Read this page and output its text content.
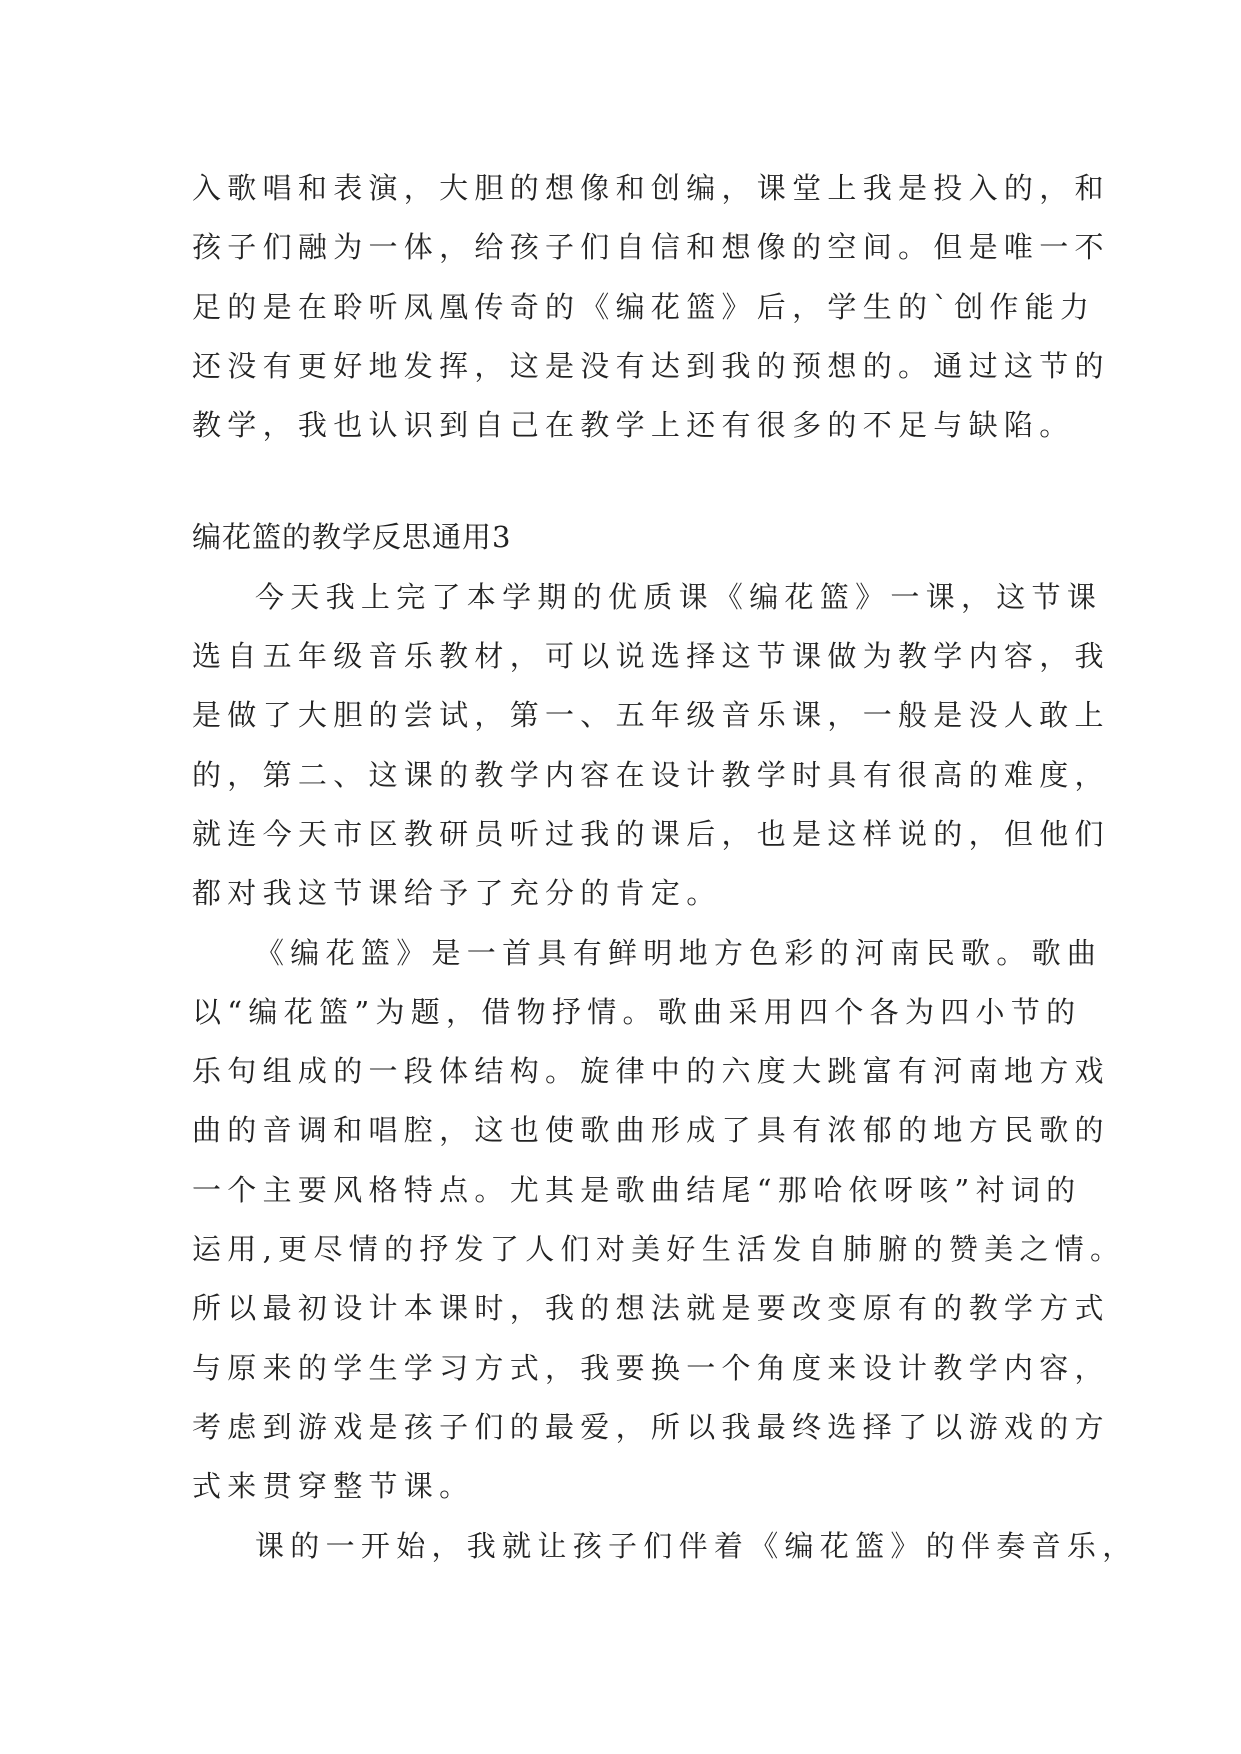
入歌唱和表演，大胆的想像和创编，课堂上我是投入的，和
孩子们融为一体，给孩子们自信和想像的空间。但是唯一不
足的是在聆听凤凰传奇的《编花篮》后，学生的`创作能力
还没有更好地发挥，这是没有达到我的预想的。通过这节的
教学，我也认识到自己在教学上还有很多的不足与缺陷。
编花篮的教学反思通用3
今天我上完了本学期的优质课《编花篮》一课，这节课
选自五年级音乐教材，可以说选择这节课做为教学内容，我
是做了大胆的尝试，第一、五年级音乐课，一般是没人敢上
的，第二、这课的教学内容在设计教学时具有很高的难度，
就连今天市区教研员听过我的课后，也是这样说的，但他们
都对我这节课给予了充分的肯定。
《编花篮》是一首具有鲜明地方色彩的河南民歌。歌曲
以“编花篮”为题，借物抒情。歌曲采用四个各为四小节的
乐句组成的一段体结构。旋律中的六度大跳富有河南地方戏
曲的音调和唱腔，这也使歌曲形成了具有浓郁的地方民歌的
一个主要风格特点。尤其是歌曲结尾“那哈依呀咳”衬词的
运用,更尽情的抒发了人们对美好生活发自肺腑的赞美之情。
所以最初设计本课时，我的想法就是要改变原有的教学方式
与原来的学生学习方式，我要换一个角度来设计教学内容，
考虑到游戏是孩子们的最爱，所以我最终选择了以游戏的方
式来贯穿整节课。
课的一开始，我就让孩子们伴着《编花篮》的伴奏音乐，
